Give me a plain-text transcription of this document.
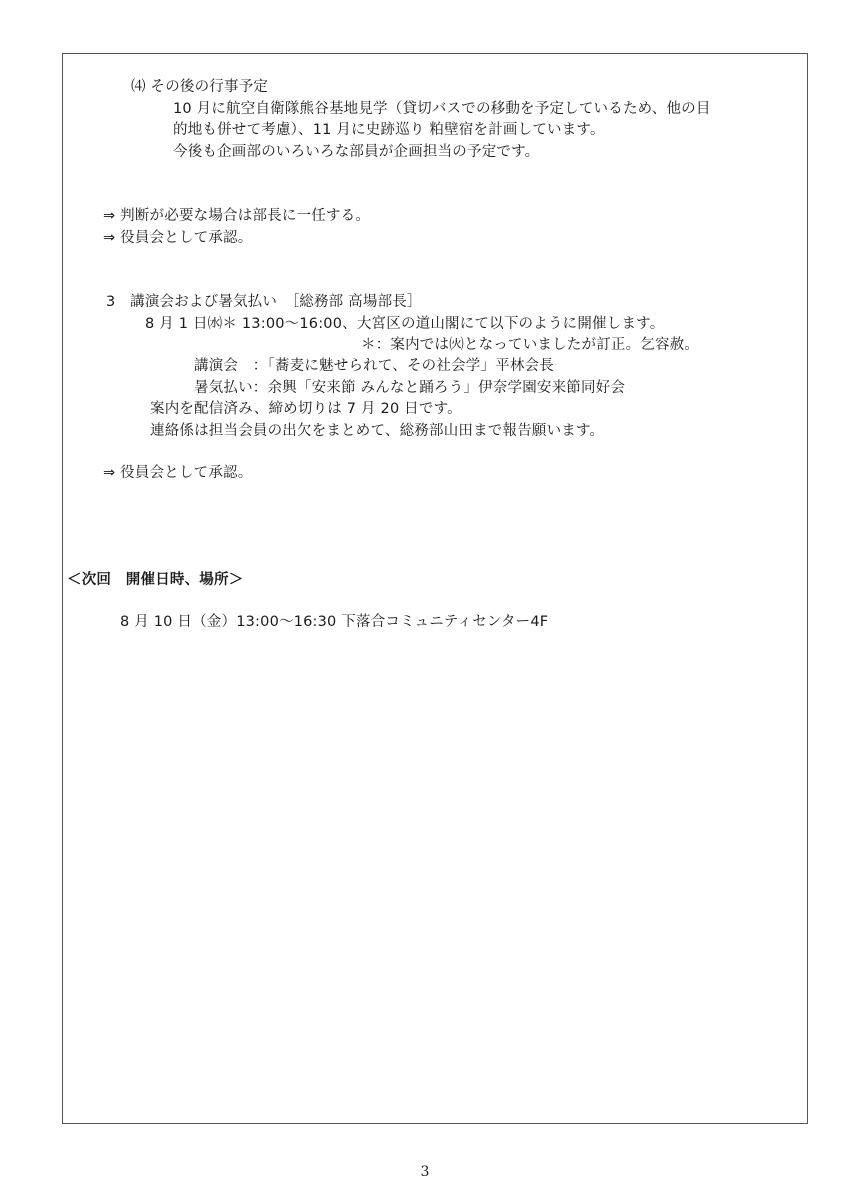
⑷ その後の行事予定
10 月に航空自衛隊熊谷基地見学（貸切バスでの移動を予定しているため、他の目
的地も併せて考慮）、11 月に史跡巡り 粕壁宿を計画しています。
今後も企画部のいろいろな部員が企画担当の予定です。
⇒ 判断が必要な場合は部長に一任する。
⇒ 役員会として承認。
3　講演会および暑気払い　［総務部 高場部長］
8 月 1 日㈬＊ 13:00～16:00、大宮区の道山閣にて以下のように開催します。
＊：案内では㈫となっていましたが訂正。乞容赦。
講演会　：「蕎麦に魅せられて、その社会学」平林会長
暑気払い：余興「安来節 みんなと踊ろう」伊奈学園安来節同好会
案内を配信済み、締め切りは 7 月 20 日です。
連絡係は担当会員の出欠をまとめて、総務部山田まで報告願います。
⇒ 役員会として承認。
＜次回　開催日時、場所＞
8 月 10 日（金）13:00～16:30 下落合コミュニティセンター4F
3
